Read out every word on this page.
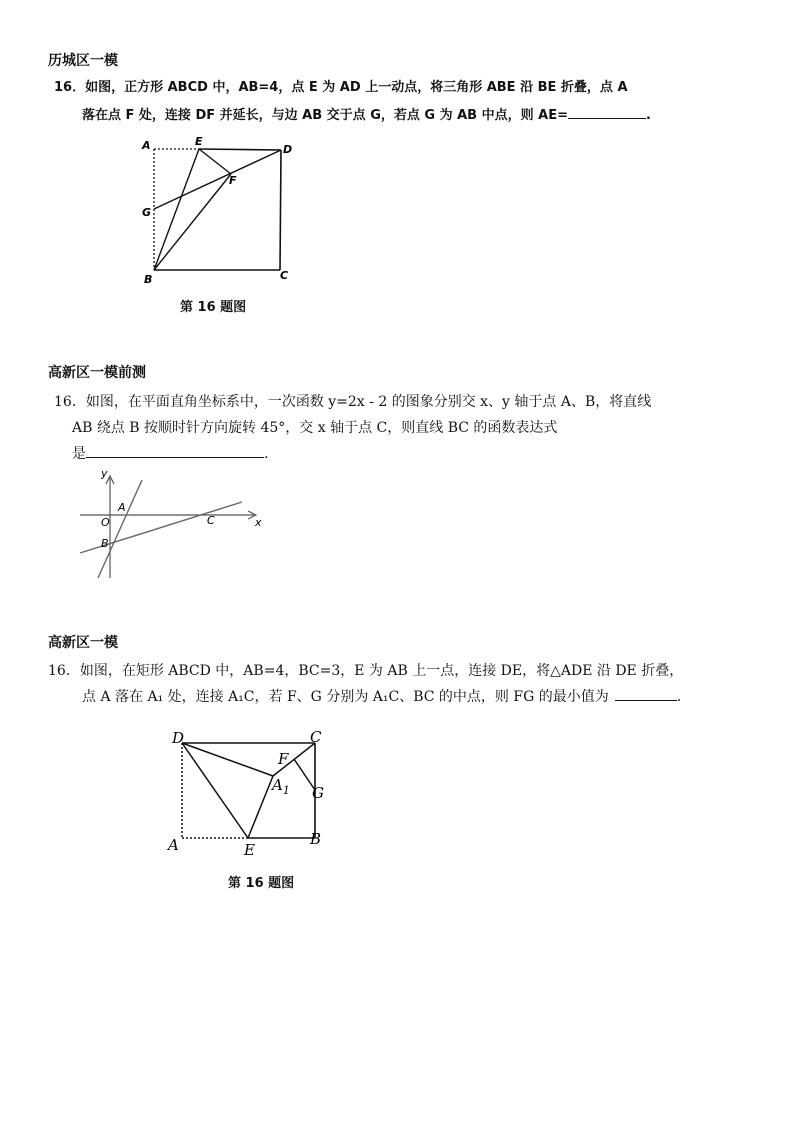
历城区一模
16．如图，正方形 ABCD 中，AB=4，点 E 为 AD 上一动点，将三角形 ABE 沿 BE 折叠，点 A
落在点 F 处，连接 DF 并延长，与边 AB 交于点 G，若点 G 为 AB 中点，则 AE=	.
A	E
D
F
G
B	C
第 16 题图
高新区一模前测
16．如图，在平面直角坐标系中，一次函数 y=2x - 2 的图象分别交 x、y 轴于点 A、B，将直线
AB 绕点 B 按顺时针方向旋转 45°，交 x 轴于点 C，则直线 BC 的函数表达式
是	.
y
x
O
A
B
C
高新区一模
16．如图，在矩形 ABCD 中，AB=4，BC=3，E 为 AB 上一点，连接 DE，将△ADE 沿 DE 折叠，
点 A 落在 A₁ 处，连接 A₁C，若 F、G 分别为 A₁C、BC 的中点，则 FG 的最小值为	.
D	C
F
$A_1$ G
A	E
B
第 16 题图
